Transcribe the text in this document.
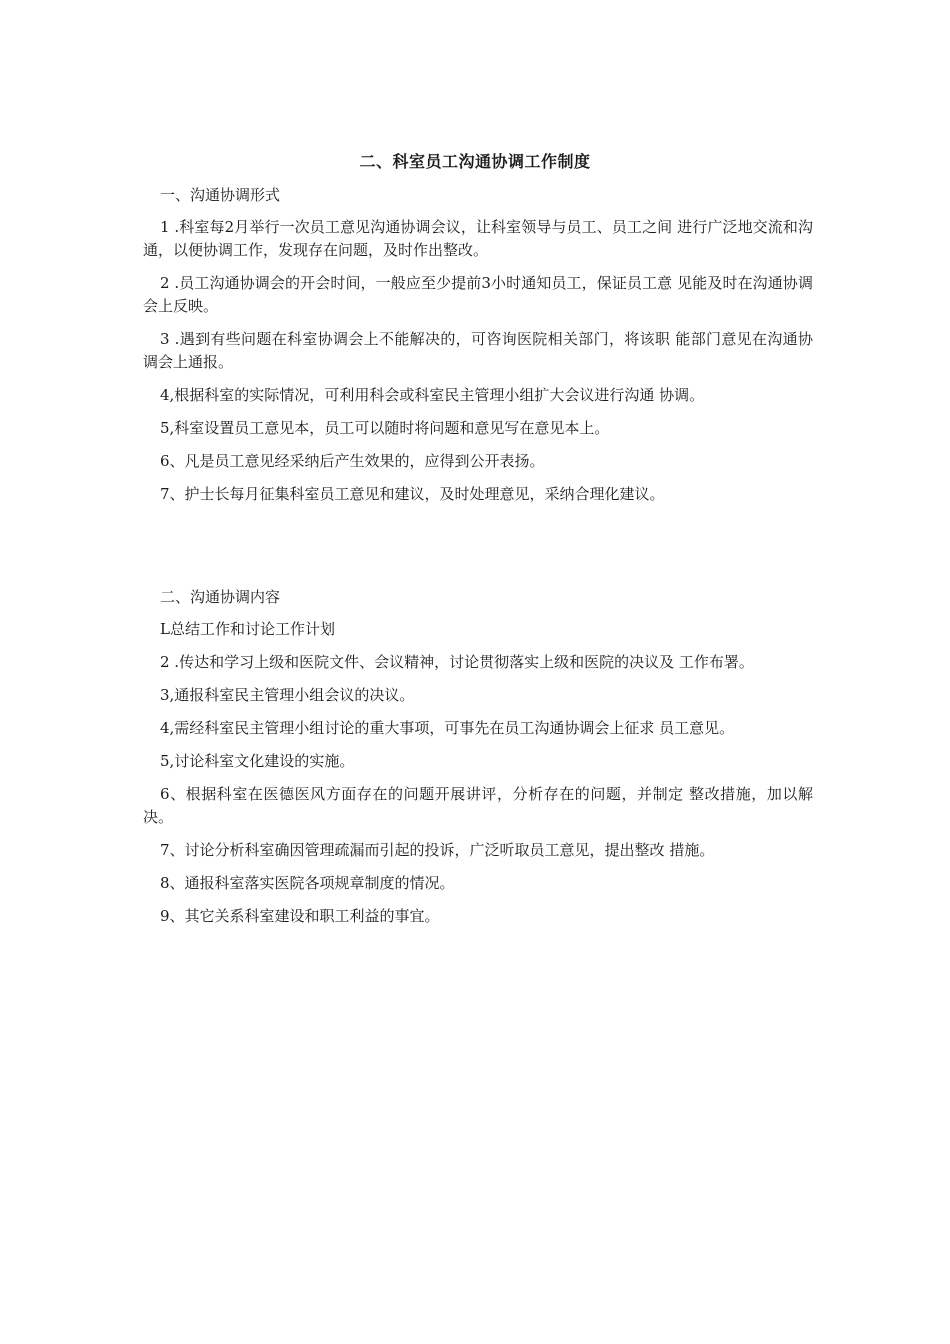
二、科室员工沟通协调工作制度
一、沟通协调形式

1 .科室每2月举行一次员工意见沟通协调会议，让科室领导与员工、员工之间 进行广泛地交流和沟通，以便协调工作，发现存在问题，及时作出整改。

2 .员工沟通协调会的开会时间，一般应至少提前3小时通知员工，保证员工意 见能及时在沟通协调会上反映。

3 .遇到有些问题在科室协调会上不能解决的，可咨询医院相关部门，将该职 能部门意见在沟通协调会上通报。

4,根据科室的实际情况，可利用科会或科室民主管理小组扩大会议进行沟通 协调。

5,科室设置员工意见本，员工可以随时将问题和意见写在意见本上。

6、凡是员工意见经采纳后产生效果的，应得到公开表扬。

7、护士长每月征集科室员工意见和建议，及时处理意见，采纳合理化建议。

二、沟通协调内容

L总结工作和讨论工作计划

2 .传达和学习上级和医院文件、会议精神，讨论贯彻落实上级和医院的决议及 工作布署。

3,通报科室民主管理小组会议的决议。

4,需经科室民主管理小组讨论的重大事项，可事先在员工沟通协调会上征求 员工意见。

5,讨论科室文化建设的实施。

6、根据科室在医德医风方面存在的问题开展讲评，分析存在的问题，并制定 整改措施，加以解决。

7、讨论分析科室确因管理疏漏而引起的投诉，广泛听取员工意见，提出整改 措施。

8、通报科室落实医院各项规章制度的情况。

9、其它关系科室建设和职工利益的事宜。
